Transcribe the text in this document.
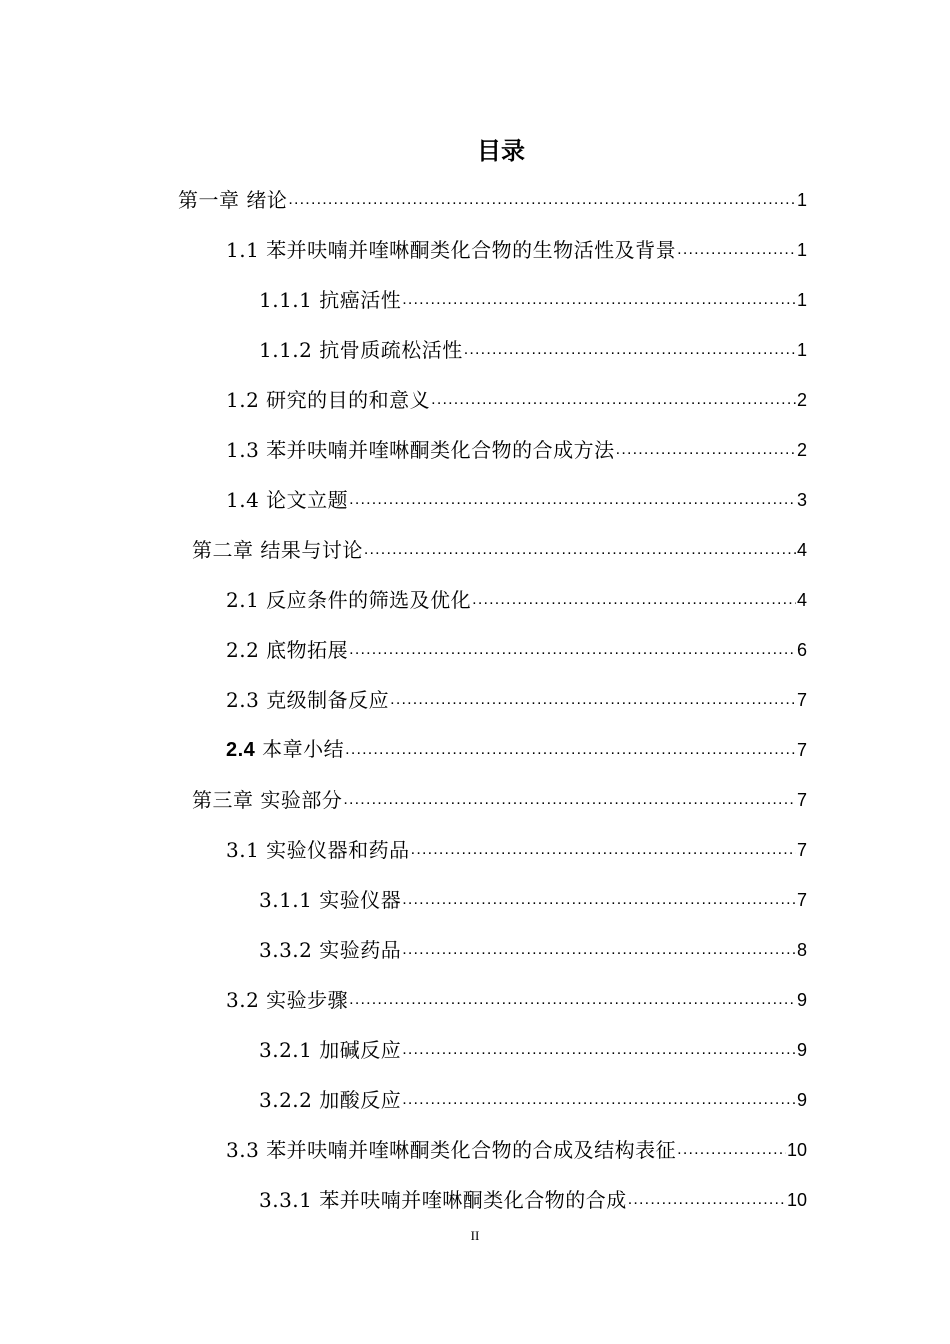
目录
第一章 绪论 .....	1
1.1 苯并呋喃并喹啉酮类化合物的生物活性及背景 .....	1
1.1.1 抗癌活性 .....	1
1.1.2 抗骨质疏松活性 .....	1
1.2 研究的目的和意义 .....	2
1.3 苯并呋喃并喹啉酮类化合物的合成方法 .....	2
1.4 论文立题 .....	3
第二章 结果与讨论 .....	4
2.1 反应条件的筛选及优化 .....	4
2.2 底物拓展 .....	6
2.3 克级制备反应 .....	7
2.4 本章小结 .....	7
第三章 实验部分 .....	7
3.1 实验仪器和药品 .....	7
3.1.1 实验仪器 .....	7
3.3.2 实验药品 .....	8
3.2 实验步骤 .....	9
3.2.1 加碱反应 .....	9
3.2.2 加酸反应 .....	9
3.3 苯并呋喃并喹啉酮类化合物的合成及结构表征 .....	10
3.3.1 苯并呋喃并喹啉酮类化合物的合成 .....	10
II
